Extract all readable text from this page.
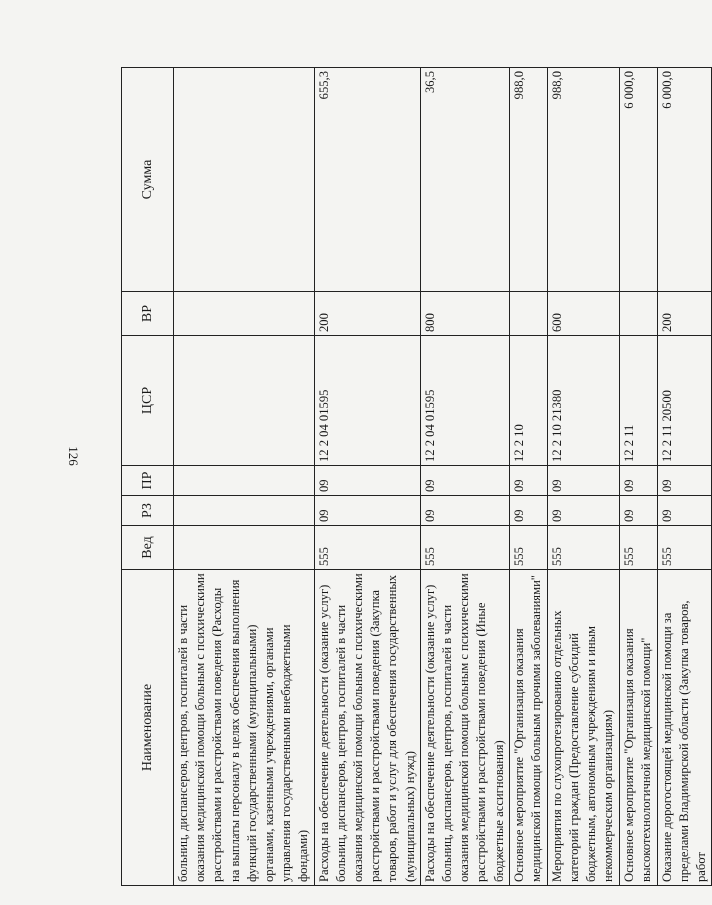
126
Наименование	Вед	РЗ	ПР	ЦСР	ВР	Сумма
больниц, диспансеров, центров, госпиталей в части оказания медицинской помощи больным с психическими расстройствами и расстройствами поведения (Расходы на выплаты персоналу в целях обеспечения выполнения функций государственными (муниципальными) органами, казенными учреждениями, органами управления государственными внебюджетными фондами)						
Расходы на обеспечение деятельности (оказание услуг) больниц, диспансеров, центров, госпиталей в части оказания медицинской помощи больным с психическими расстройствами и расстройствами поведения (Закупка товаров, работ и услуг для обеспечения государственных (муниципальных) нужд)	555	09	09	12 2 04 01595	200	655,3
Расходы на обеспечение деятельности (оказание услуг) больниц, диспансеров, центров, госпиталей в части оказания медицинской помощи больным с психическими расстройствами и расстройствами поведения (Иные бюджетные ассигнования)	555	09	09	12 2 04 01595	800	36,5
Основное мероприятие "Организация оказания медицинской помощи больным прочими заболеваниями"	555	09	09	12 2 10		988,0
Мероприятия по слухопротезированию отдельных категорий граждан (Предоставление субсидий бюджетным, автономным учреждениям и иным некоммерческим организациям)	555	09	09	12 2 10 21380	600	988,0
Основное мероприятие "Организация оказания высокотехнологичной медицинской помощи"	555	09	09	12 2 11		6 000,0
Оказание дорогостоящей медицинской помощи за пределами Владимирской области (Закупка товаров, работ	555	09	09	12 2 11 20500	200	6 000,0
